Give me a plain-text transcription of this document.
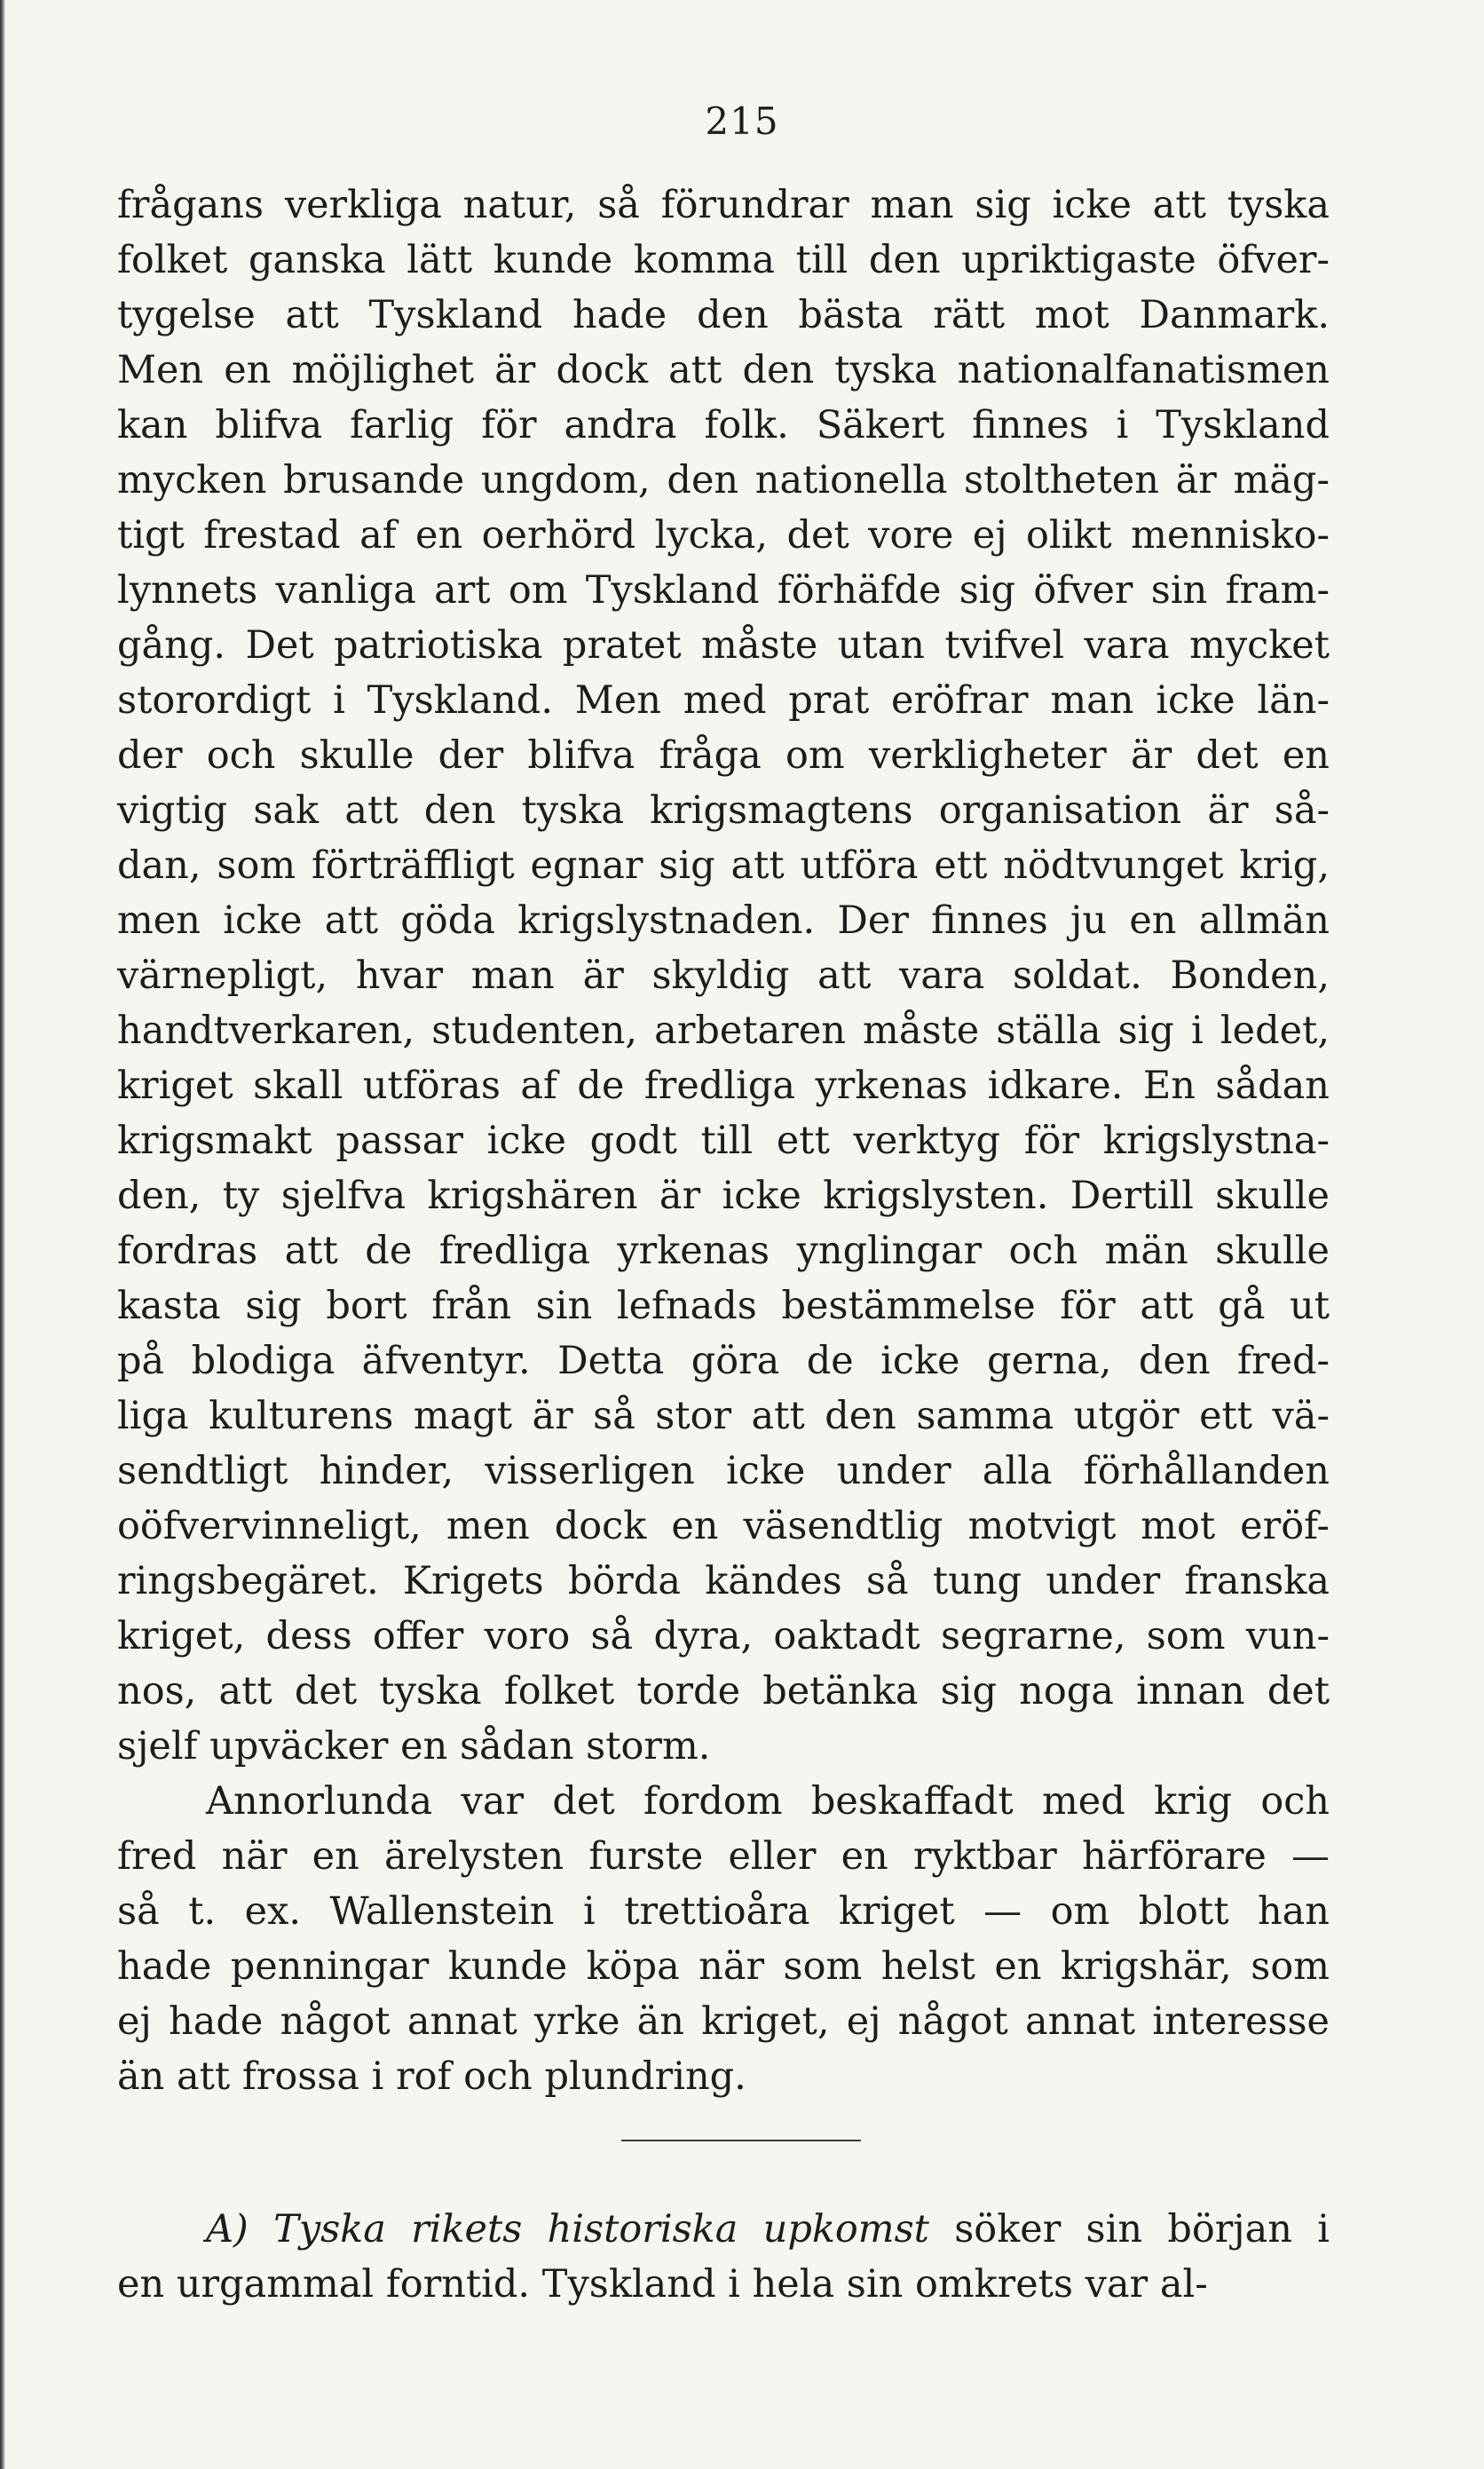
215
frågans verkliga natur, så förundrar man sig icke att tyska
folket ganska lätt kunde komma till den upriktigaste öfver-
tygelse att Tyskland hade den bästa rätt mot Danmark.
Men en möjlighet är dock att den tyska nationalfanatismen
kan blifva farlig för andra folk. Säkert finnes i Tyskland
mycken brusande ungdom, den nationella stoltheten är mäg-
tigt frestad af en oerhörd lycka, det vore ej olikt mennisko-
lynnets vanliga art om Tyskland förhäfde sig öfver sin fram-
gång. Det patriotiska pratet måste utan tvifvel vara mycket
storordigt i Tyskland. Men med prat eröfrar man icke län-
der och skulle der blifva fråga om verkligheter är det en
vigtig sak att den tyska krigsmagtens organisation är så-
dan, som förträffligt egnar sig att utföra ett nödtvunget krig,
men icke att göda krigslystnaden. Der finnes ju en allmän
värnepligt, hvar man är skyldig att vara soldat. Bonden,
handtverkaren, studenten, arbetaren måste ställa sig i ledet,
kriget skall utföras af de fredliga yrkenas idkare. En sådan
krigsmakt passar icke godt till ett verktyg för krigslystna-
den, ty sjelfva krigshären är icke krigslysten. Dertill skulle
fordras att de fredliga yrkenas ynglingar och män skulle
kasta sig bort från sin lefnads bestämmelse för att gå ut
på blodiga äfventyr. Detta göra de icke gerna, den fred-
liga kulturens magt är så stor att den samma utgör ett vä-
sendtligt hinder, visserligen icke under alla förhållanden
oöfvervinneligt, men dock en väsendtlig motvigt mot eröf-
ringsbegäret. Krigets börda kändes så tung under franska
kriget, dess offer voro så dyra, oaktadt segrarne, som vun-
nos, att det tyska folket torde betänka sig noga innan det
sjelf upväcker en sådan storm.
Annorlunda var det fordom beskaffadt med krig och
fred när en ärelysten furste eller en ryktbar härförare —
så t. ex. Wallenstein i trettioåra kriget — om blott han
hade penningar kunde köpa när som helst en krigshär, som
ej hade något annat yrke än kriget, ej något annat interesse
än att frossa i rof och plundring.
A) Tyska rikets historiska upkomst söker sin början i
en urgammal forntid. Tyskland i hela sin omkrets var al-
